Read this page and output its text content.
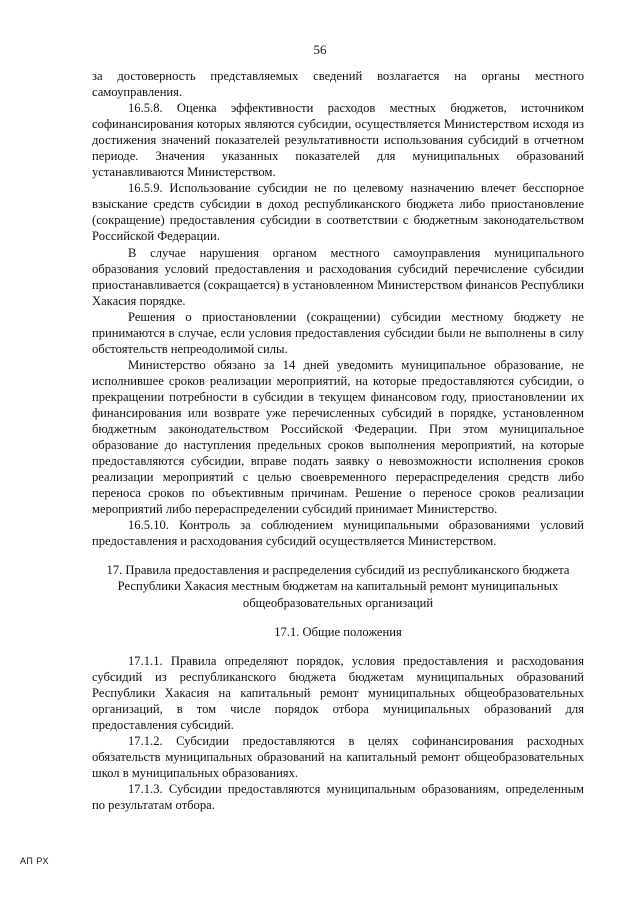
56

за достоверность представляемых сведений возлагается на органы местного самоуправления.

16.5.8. Оценка эффективности расходов местных бюджетов, источником софинансирования которых являются субсидии, осуществляется Министерством исходя из достижения значений показателей результативности использования субсидий в отчетном периоде. Значения указанных показателей для муниципальных образований устанавливаются Министерством.

16.5.9. Использование субсидии не по целевому назначению влечет бесспорное взыскание средств субсидии в доход республиканского бюджета либо приостановление (сокращение) предоставления субсидии в соответствии с бюджетным законодательством Российской Федерации.

В случае нарушения органом местного самоуправления муниципального образования условий предоставления и расходования субсидий перечисление субсидии приостанавливается (сокращается) в установленном Министерством финансов Республики Хакасия порядке.

Решения о приостановлении (сокращении) субсидии местному бюджету не принимаются в случае, если условия предоставления субсидии были не выполнены в силу обстоятельств непреодолимой силы.

Министерство обязано за 14 дней уведомить муниципальное образование, не исполнившее сроков реализации мероприятий, на которые предоставляются субсидии, о прекращении потребности в субсидии в текущем финансовом году, приостановлении их финансирования или возврате уже перечисленных субсидий в порядке, установленном бюджетным законодательством Российской Федерации. При этом муниципальное образование до наступления предельных сроков выполнения мероприятий, на которые предоставляются субсидии, вправе подать заявку о невозможности исполнения сроков реализации мероприятий с целью своевременного перераспределения средств либо переноса сроков по объективным причинам. Решение о переносе сроков реализации мероприятий либо перераспределении субсидий принимает Министерство.

16.5.10. Контроль за соблюдением муниципальными образованиями условий предоставления и расходования субсидий осуществляется Министерством.

17. Правила предоставления и распределения субсидий из республиканского бюджета Республики Хакасия местным бюджетам на капитальный ремонт муниципальных общеобразовательных организаций

17.1. Общие положения

17.1.1. Правила определяют порядок, условия предоставления и расходования субсидий из республиканского бюджета бюджетам муниципальных образований Республики Хакасия на капитальный ремонт муниципальных общеобразовательных организаций, в том числе порядок отбора муниципальных образований для предоставления субсидий.

17.1.2. Субсидии предоставляются в целях софинансирования расходных обязательств муниципальных образований на капитальный ремонт общеобразовательных школ в муниципальных образованиях.

17.1.3. Субсидии предоставляются муниципальным образованиям, определенным по результатам отбора.

АП РХ
